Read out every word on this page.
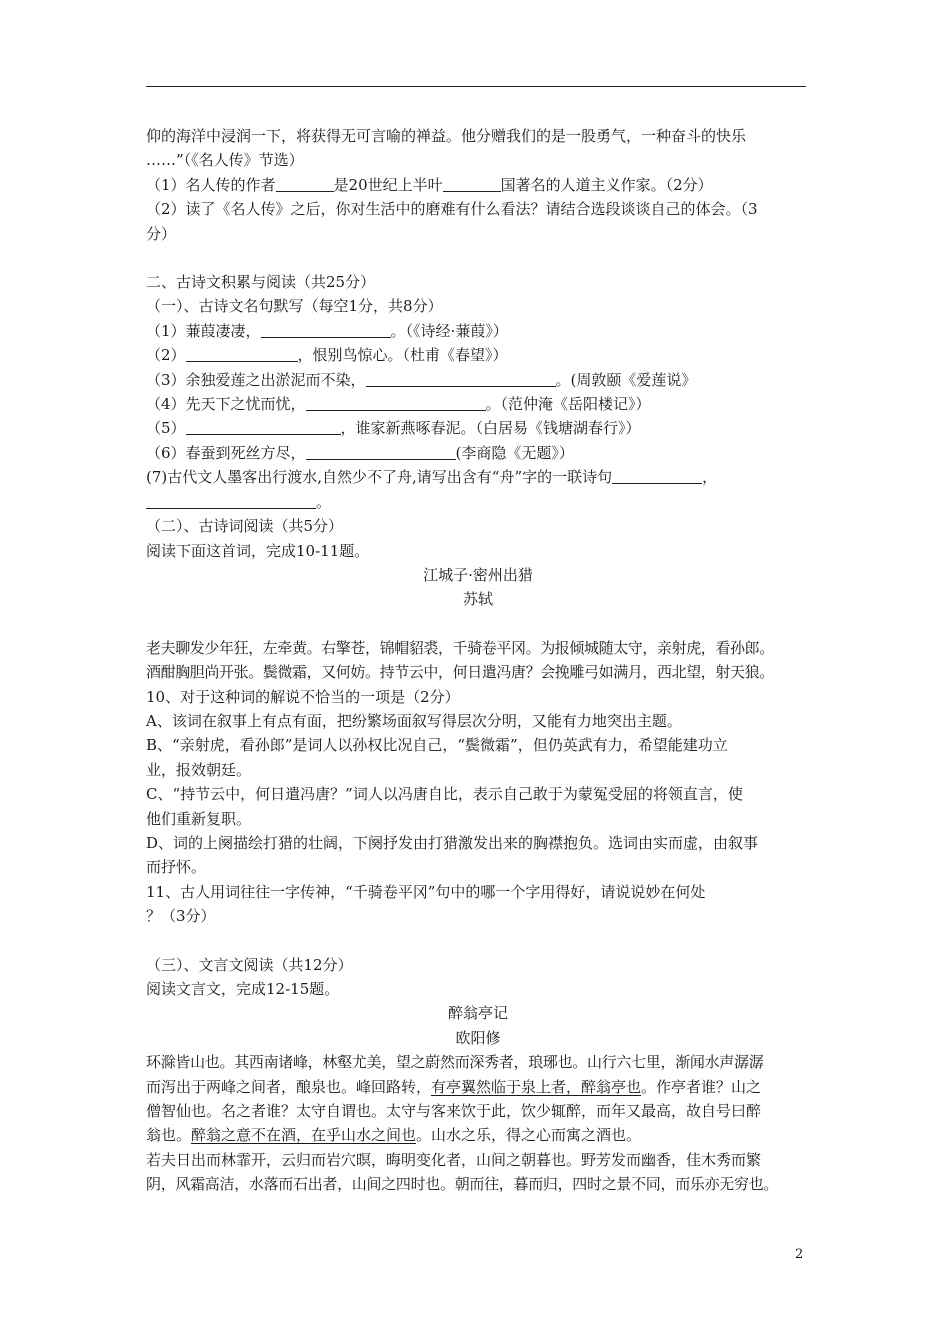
仰的海洋中浸润一下，将获得无可言喻的禅益。他分赠我们的是一股勇气，一种奋斗的快乐

……”（《名人传》节选）

（1）名人传的作者	是20世纪上半叶	国著名的人道主义作家。（2分）

（2）读了《名人传》之后，你对生活中的磨难有什么看法？请结合选段谈谈自己的体会。（3

分）

二、古诗文积累与阅读（共25分）

（一）、古诗文名句默写（每空1分，共8分）

（1）蒹葭凄凄，	。（《诗经·蒹葭》）

（2）	，恨别鸟惊心。（杜甫《春望》）

（3）余独爱莲之出淤泥而不染，	。(周敦颐《爱莲说》

（4）先天下之忧而忧，	。（范仲淹《岳阳楼记》）

（5）	，谁家新燕啄春泥。（白居易《钱塘湖春行》）

（6）春蚕到死丝方尽，	(李商隐《无题》）

(7)古代文人墨客出行渡水,自然少不了舟,请写出含有“舟”字的一联诗句	，

。

（二）、古诗词阅读（共5分）

阅读下面这首词，完成10-11题。

江城子·密州出猎

苏轼

老夫聊发少年狂，左牵黄。右擎苍，锦帽貂裘，千骑卷平冈。为报倾城随太守，亲射虎，看孙郎。

酒酣胸胆尚开张。鬓微霜，又何妨。持节云中，何日遣冯唐？会挽雕弓如满月，西北望，射天狼。

10、对于这种词的解说不恰当的一项是（2分）

A、该词在叙事上有点有面，把纷繁场面叙写得层次分明，又能有力地突出主题。

B、“亲射虎，看孙郎”是词人以孙权比况自己，“鬓微霜”，但仍英武有力，希望能建功立

业，报效朝廷。

C、“持节云中，何日遣冯唐？”词人以冯唐自比，表示自己敢于为蒙冤受屈的将领直言，使

他们重新复职。

D、词的上阕描绘打猎的壮阔，下阕抒发由打猎激发出来的胸襟抱负。选词由实而虚，由叙事

而抒怀。

11、古人用词往往一字传神，“千骑卷平冈”句中的哪一个字用得好，请说说妙在何处

？（3分）

（三）、文言文阅读（共12分）

阅读文言文，完成12-15题。

醉翁亭记

欧阳修

环滁皆山也。其西南诸峰，林壑尤美，望之蔚然而深秀者，琅琊也。山行六七里，渐闻水声潺潺

而泻出于两峰之间者，酿泉也。峰回路转，有亭翼然临于泉上者，醉翁亭也。作亭者谁？山之

僧智仙也。名之者谁？太守自谓也。太守与客来饮于此，饮少辄醉，而年又最高，故自号曰醉

翁也。醉翁之意不在酒，在乎山水之间也。山水之乐，得之心而寓之酒也。

若夫日出而林霏开，云归而岩穴暝，晦明变化者，山间之朝暮也。野芳发而幽香，佳木秀而繁

阴，风霜高洁，水落而石出者，山间之四时也。朝而往，暮而归，四时之景不同，而乐亦无穷也。

2
